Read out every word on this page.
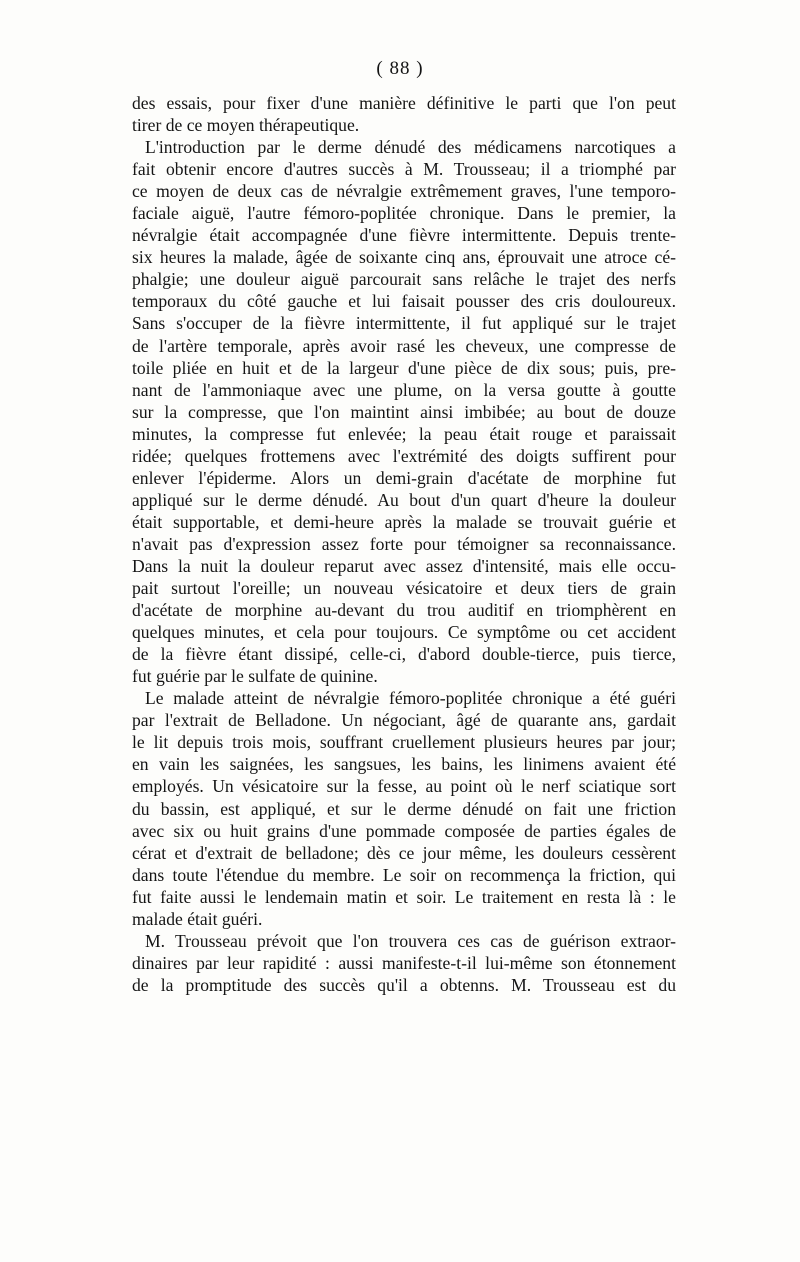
( 88 )
des essais, pour fixer d'une manière définitive le parti que l'on peut
tirer de ce moyen thérapeutique.
L'introduction par le derme dénudé des médicamens narcotiques a
fait obtenir encore d'autres succès à M. Trousseau; il a triomphé par
ce moyen de deux cas de névralgie extrêmement graves, l'une temporo-
faciale aiguë, l'autre fémoro-poplitée chronique. Dans le premier, la
névralgie était accompagnée d'une fièvre intermittente. Depuis trente-
six heures la malade, âgée de soixante cinq ans, éprouvait une atroce cé-
phalgie; une douleur aiguë parcourait sans relâche le trajet des nerfs
temporaux du côté gauche et lui faisait pousser des cris douloureux.
Sans s'occuper de la fièvre intermittente, il fut appliqué sur le trajet
de l'artère temporale, après avoir rasé les cheveux, une compresse de
toile pliée en huit et de la largeur d'une pièce de dix sous; puis, pre-
nant de l'ammoniaque avec une plume, on la versa goutte à goutte
sur la compresse, que l'on maintint ainsi imbibée; au bout de douze
minutes, la compresse fut enlevée; la peau était rouge et paraissait
ridée; quelques frottemens avec l'extrémité des doigts suffirent pour
enlever l'épiderme. Alors un demi-grain d'acétate de morphine fut
appliqué sur le derme dénudé. Au bout d'un quart d'heure la douleur
était supportable, et demi-heure après la malade se trouvait guérie et
n'avait pas d'expression assez forte pour témoigner sa reconnaissance.
Dans la nuit la douleur reparut avec assez d'intensité, mais elle occu-
pait surtout l'oreille; un nouveau vésicatoire et deux tiers de grain
d'acétate de morphine au-devant du trou auditif en triomphèrent en
quelques minutes, et cela pour toujours. Ce symptôme ou cet accident
de la fièvre étant dissipé, celle-ci, d'abord double-tierce, puis tierce,
fut guérie par le sulfate de quinine.
Le malade atteint de névralgie fémoro-poplitée chronique a été guéri
par l'extrait de Belladone. Un négociant, âgé de quarante ans, gardait
le lit depuis trois mois, souffrant cruellement plusieurs heures par jour;
en vain les saignées, les sangsues, les bains, les linimens avaient été
employés. Un vésicatoire sur la fesse, au point où le nerf sciatique sort
du bassin, est appliqué, et sur le derme dénudé on fait une friction
avec six ou huit grains d'une pommade composée de parties égales de
cérat et d'extrait de belladone; dès ce jour même, les douleurs cessèrent
dans toute l'étendue du membre. Le soir on recommença la friction, qui
fut faite aussi le lendemain matin et soir. Le traitement en resta là : le
malade était guéri.
M. Trousseau prévoit que l'on trouvera ces cas de guérison extraor-
dinaires par leur rapidité : aussi manifeste-t-il lui-même son étonnement
de la promptitude des succès qu'il a obtenns. M. Trousseau est du
